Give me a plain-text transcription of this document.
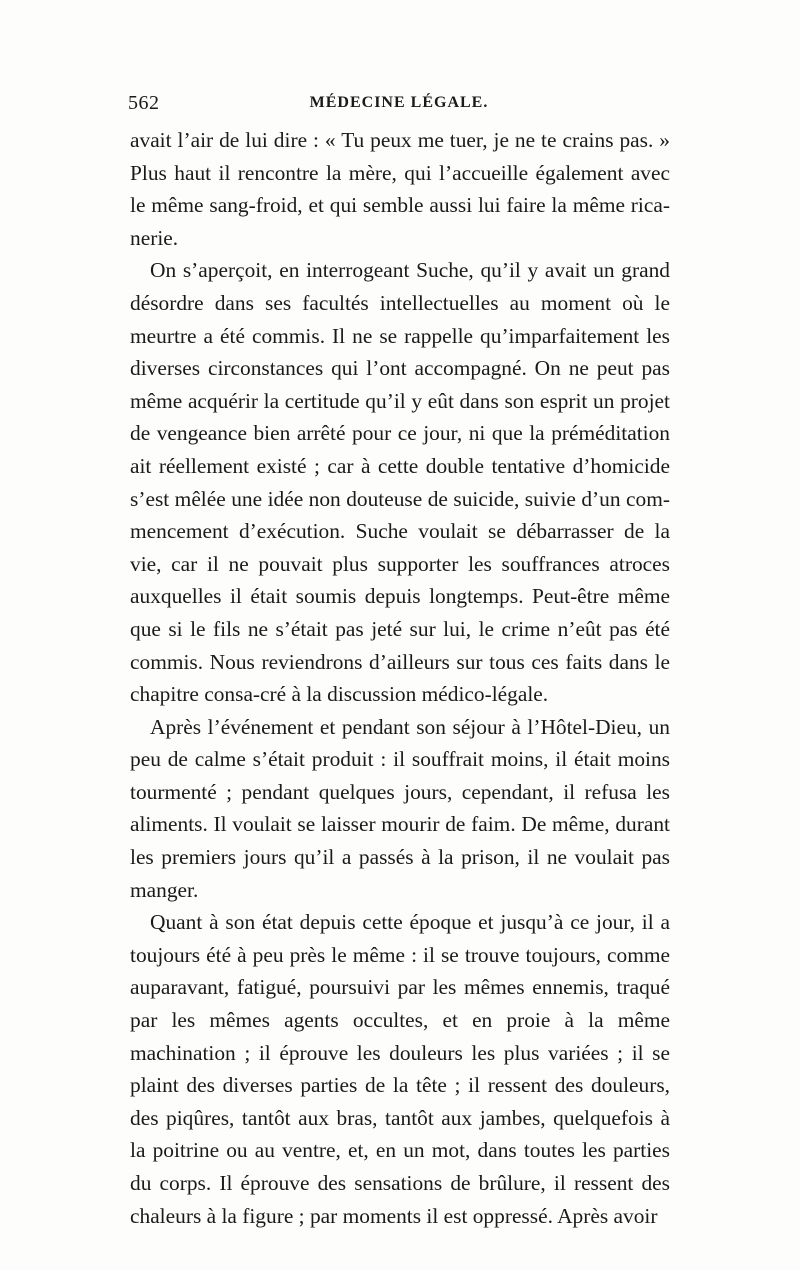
562	MÉDECINE LÉGALE.

avait l’air de lui dire : « Tu peux me tuer, je ne te crains pas. » Plus haut il rencontre la mère, qui l’accueille également avec le même sang-froid, et qui semble aussi lui faire la même rica-nerie.

On s’aperçoit, en interrogeant Suche, qu’il y avait un grand désordre dans ses facultés intellectuelles au moment où le meurtre a été commis. Il ne se rappelle qu’imparfaitement les diverses circonstances qui l’ont accompagné. On ne peut pas même acquérir la certitude qu’il y eût dans son esprit un projet de vengeance bien arrêté pour ce jour, ni que la préméditation ait réellement existé ; car à cette double tentative d’homicide s’est mêlée une idée non douteuse de suicide, suivie d’un com-mencement d’exécution. Suche voulait se débarrasser de la vie, car il ne pouvait plus supporter les souffrances atroces auxquelles il était soumis depuis longtemps. Peut-être même que si le fils ne s’était pas jeté sur lui, le crime n’eût pas été commis. Nous reviendrons d’ailleurs sur tous ces faits dans le chapitre consa-cré à la discussion médico-légale.

Après l’événement et pendant son séjour à l’Hôtel-Dieu, un peu de calme s’était produit : il souffrait moins, il était moins tourmenté ; pendant quelques jours, cependant, il refusa les aliments. Il voulait se laisser mourir de faim. De même, durant les premiers jours qu’il a passés à la prison, il ne voulait pas manger.

Quant à son état depuis cette époque et jusqu’à ce jour, il a toujours été à peu près le même : il se trouve toujours, comme auparavant, fatigué, poursuivi par les mêmes ennemis, traqué par les mêmes agents occultes, et en proie à la même machination ; il éprouve les douleurs les plus variées ; il se plaint des diverses parties de la tête ; il ressent des douleurs, des piqûres, tantôt aux bras, tantôt aux jambes, quelquefois à la poitrine ou au ventre, et, en un mot, dans toutes les parties du corps. Il éprouve des sensations de brûlure, il ressent des chaleurs à la figure ; par moments il est oppressé. Après avoir
